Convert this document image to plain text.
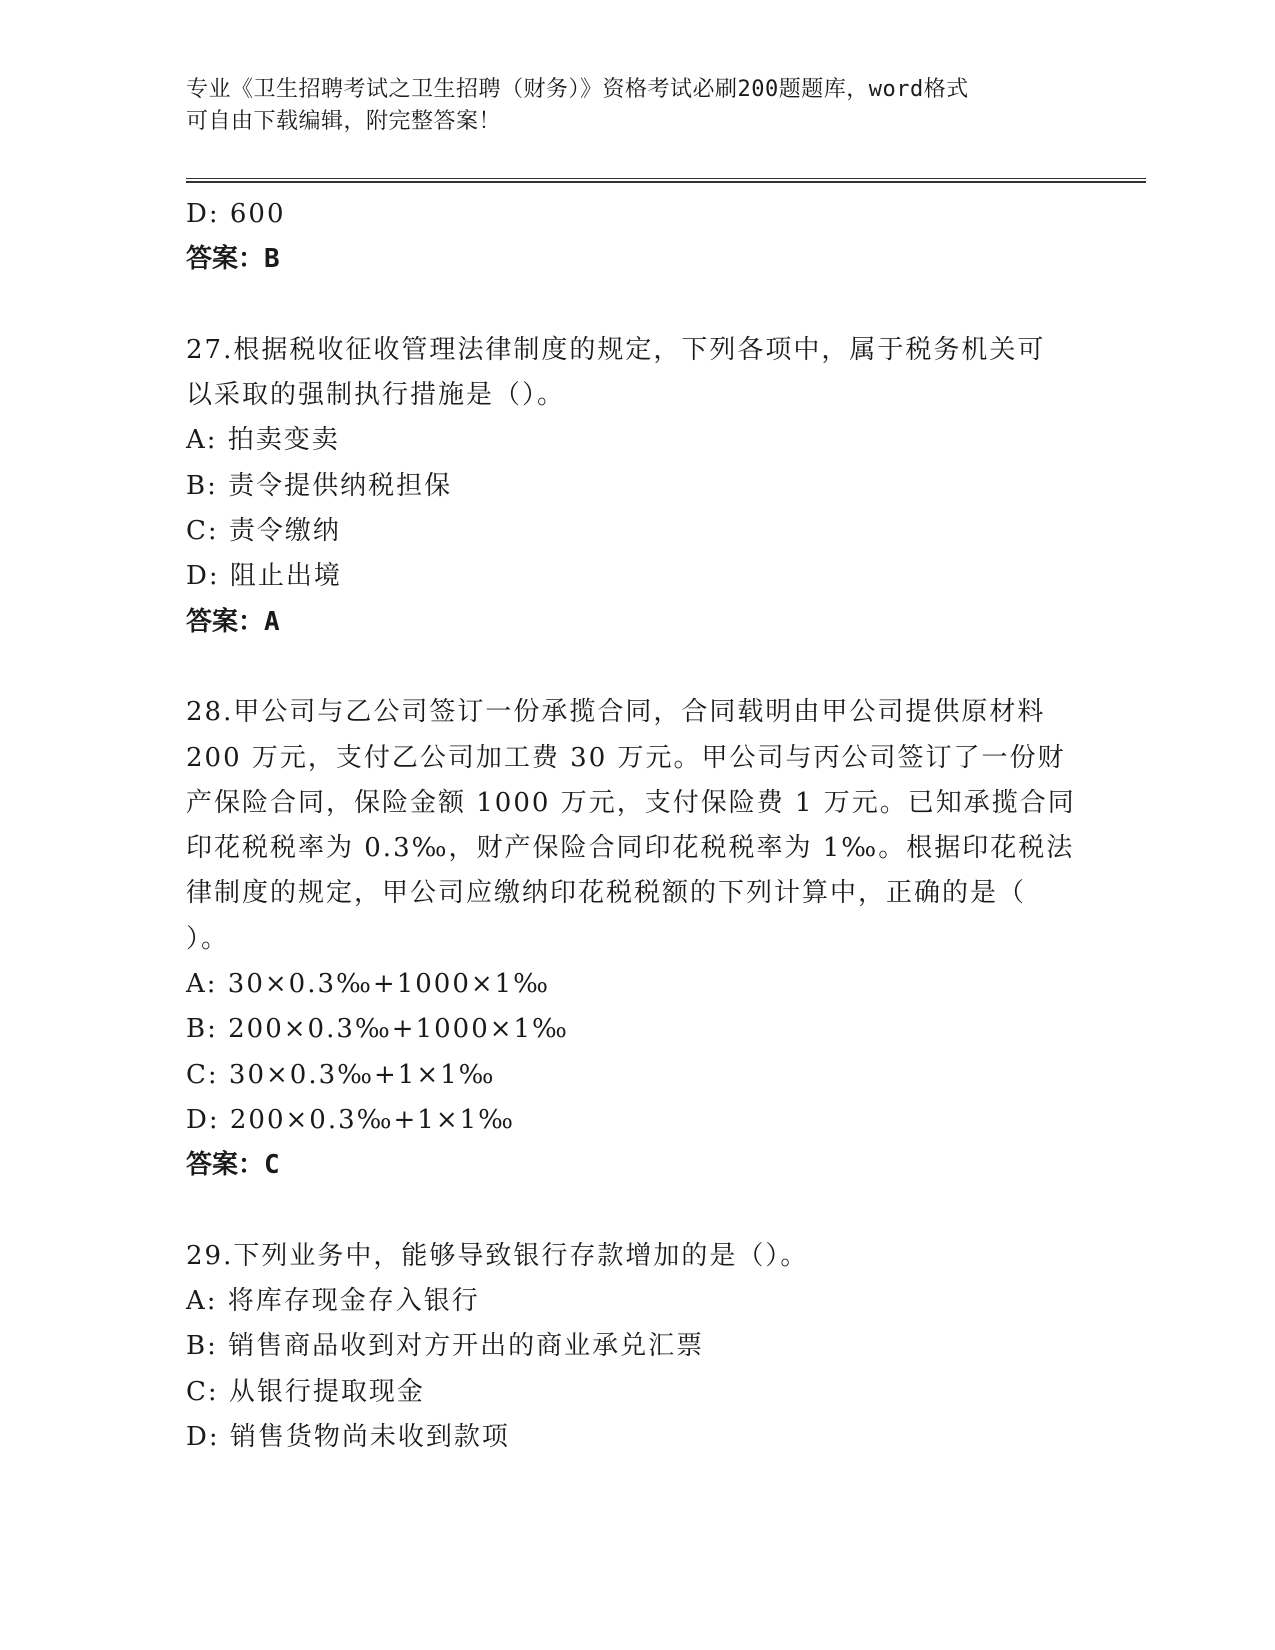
专业《卫生招聘考试之卫生招聘（财务）》资格考试必刷200题题库，word格式

可自由下载编辑，附完整答案！

D: 600

答案：B

27.根据税收征收管理法律制度的规定，下列各项中，属于税务机关可

以采取的强制执行措施是（）。

A: 拍卖变卖

B: 责令提供纳税担保

C: 责令缴纳

D: 阻止出境

答案：A

28.甲公司与乙公司签订一份承揽合同，合同载明由甲公司提供原材料

200 万元，支付乙公司加工费 30 万元。甲公司与丙公司签订了一份财

产保险合同，保险金额 1000 万元，支付保险费 1 万元。已知承揽合同

印花税税率为 0.3‰，财产保险合同印花税税率为 1‰。根据印花税法

律制度的规定，甲公司应缴纳印花税税额的下列计算中，正确的是（

）。

A: 30×0.3‰+1000×1‰

B: 200×0.3‰+1000×1‰

C: 30×0.3‰+1×1‰

D: 200×0.3‰+1×1‰

答案：C

29.下列业务中，能够导致银行存款增加的是（）。

A: 将库存现金存入银行

B: 销售商品收到对方开出的商业承兑汇票

C: 从银行提取现金

D: 销售货物尚未收到款项
